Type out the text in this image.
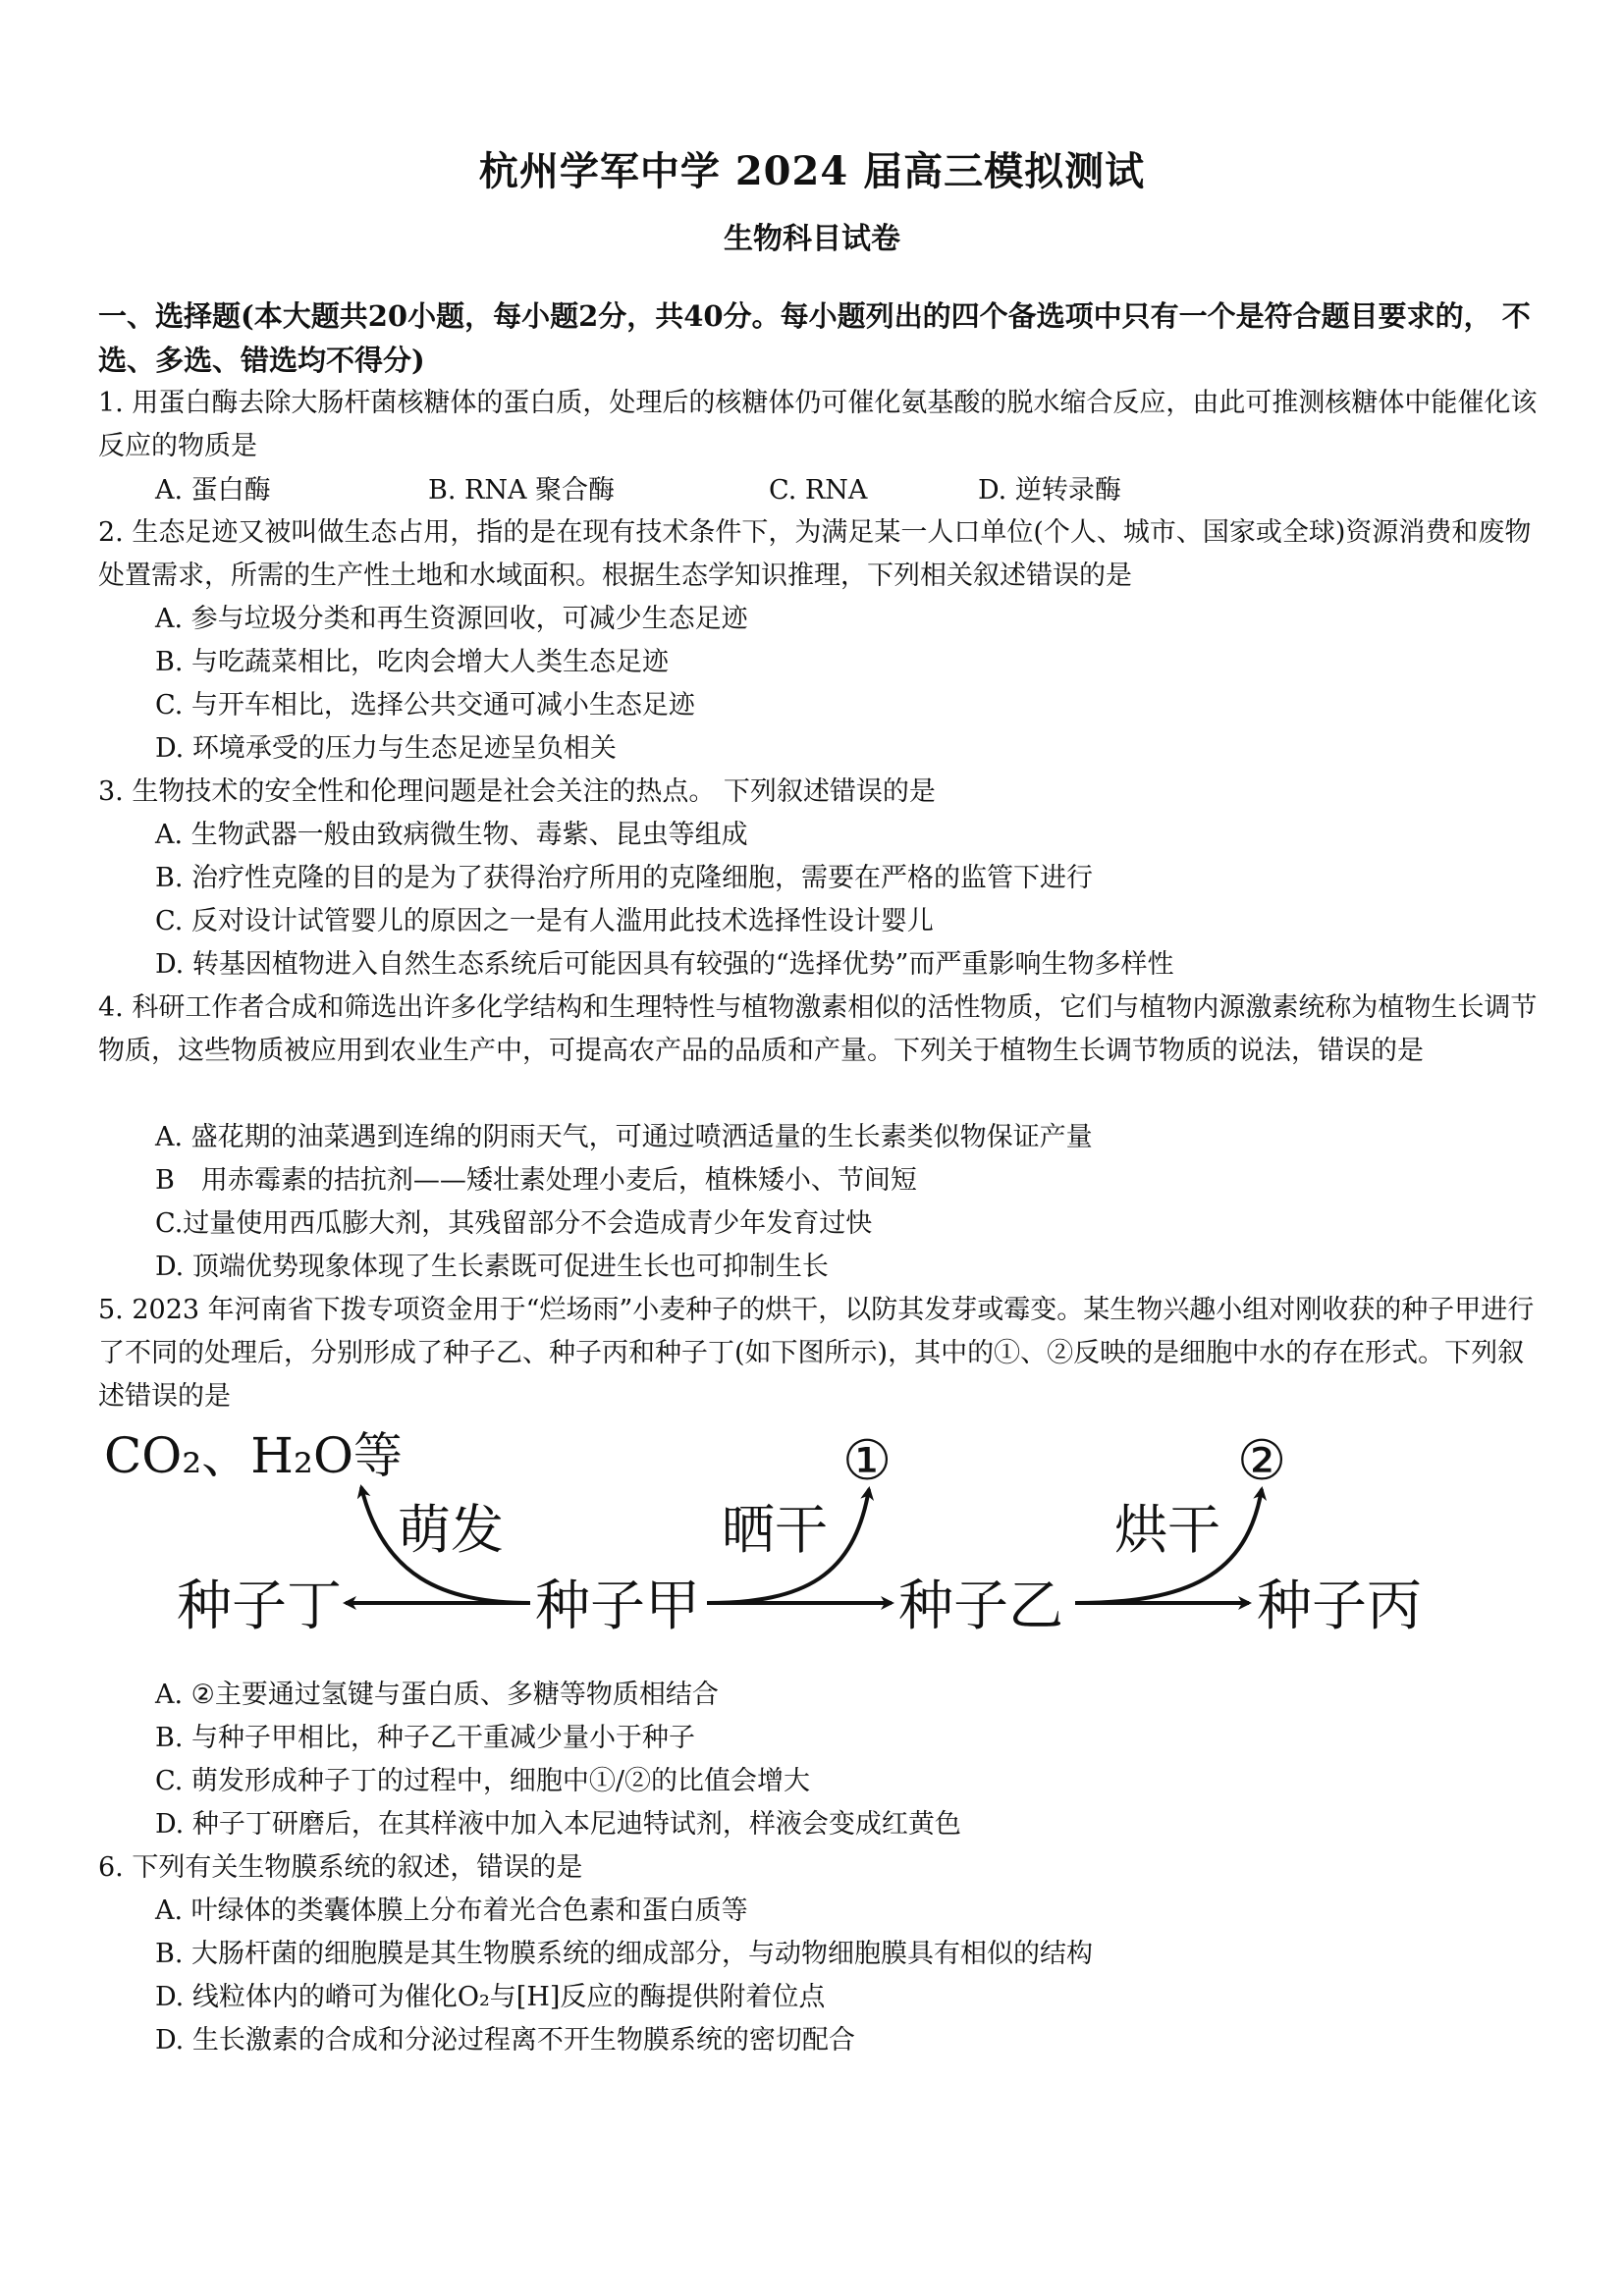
杭州学军中学 2024 届高三模拟测试
生物科目试卷
一、选择题(本大题共20小题，每小题2分，共40分。每小题列出的四个备选项中只有一个是符合题目要求的， 不选、多选、错选均不得分)
1. 用蛋白酶去除大肠杆菌核糖体的蛋白质，处理后的核糖体仍可催化氨基酸的脱水缩合反应，由此可推测核糖体中能催化该反应的物质是
A. 蛋白酶	B. RNA 聚合酶	C. RNA	D. 逆转录酶
2. 生态足迹又被叫做生态占用，指的是在现有技术条件下，为满足某一人口单位(个人、城市、国家或全球)资源消费和废物处置需求，所需的生产性土地和水域面积。根据生态学知识推理，下列相关叙述错误的是
A. 参与垃圾分类和再生资源回收，可减少生态足迹
B. 与吃蔬菜相比，吃肉会增大人类生态足迹
C. 与开车相比，选择公共交通可减小生态足迹
D. 环境承受的压力与生态足迹呈负相关
3. 生物技术的安全性和伦理问题是社会关注的热点。 下列叙述错误的是
A. 生物武器一般由致病微生物、毒紫、昆虫等组成
B. 治疗性克隆的目的是为了获得治疗所用的克隆细胞，需要在严格的监管下进行
C. 反对设计试管婴儿的原因之一是有人滥用此技术选择性设计婴儿
D. 转基因植物进入自然生态系统后可能因具有较强的“选择优势”而严重影响生物多样性
4. 科研工作者合成和筛选出许多化学结构和生理特性与植物激素相似的活性物质，它们与植物内源激素统称为植物生长调节物质，这些物质被应用到农业生产中，可提高农产品的品质和产量。下列关于植物生长调节物质的说法，错误的是
A. 盛花期的油菜遇到连绵的阴雨天气，可通过喷洒适量的生长素类似物保证产量
B　用赤霉素的拮抗剂——矮壮素处理小麦后，植株矮小、节间短
C.过量使用西瓜膨大剂，其残留部分不会造成青少年发育过快
D. 顶端优势现象体现了生长素既可促进生长也可抑制生长
5. 2023 年河南省下拨专项资金用于“烂场雨”小麦种子的烘干，以防其发芽或霉变。某生物兴趣小组对刚收获的种子甲进行了不同的处理后，分别形成了种子乙、种子丙和种子丁(如下图所示)，其中的①、②反映的是细胞中水的存在形式。下列叙述错误的是
CO₂、H₂O等	①	②
萌发	晒干	烘干
种子丁	种子甲	种子乙	种子丙
A. ②主要通过氢键与蛋白质、多糖等物质相结合
B. 与种子甲相比，种子乙干重减少量小于种子
C. 萌发形成种子丁的过程中，细胞中①/②的比值会增大
D. 种子丁研磨后，在其样液中加入本尼迪特试剂，样液会变成红黄色
6. 下列有关生物膜系统的叙述，错误的是
A. 叶绿体的类囊体膜上分布着光合色素和蛋白质等
B. 大肠杆菌的细胞膜是其生物膜系统的细成部分，与动物细胞膜具有相似的结构
D. 线粒体内的嵴可为催化O₂与[H]反应的酶提供附着位点
D. 生长激素的合成和分泌过程离不开生物膜系统的密切配合
